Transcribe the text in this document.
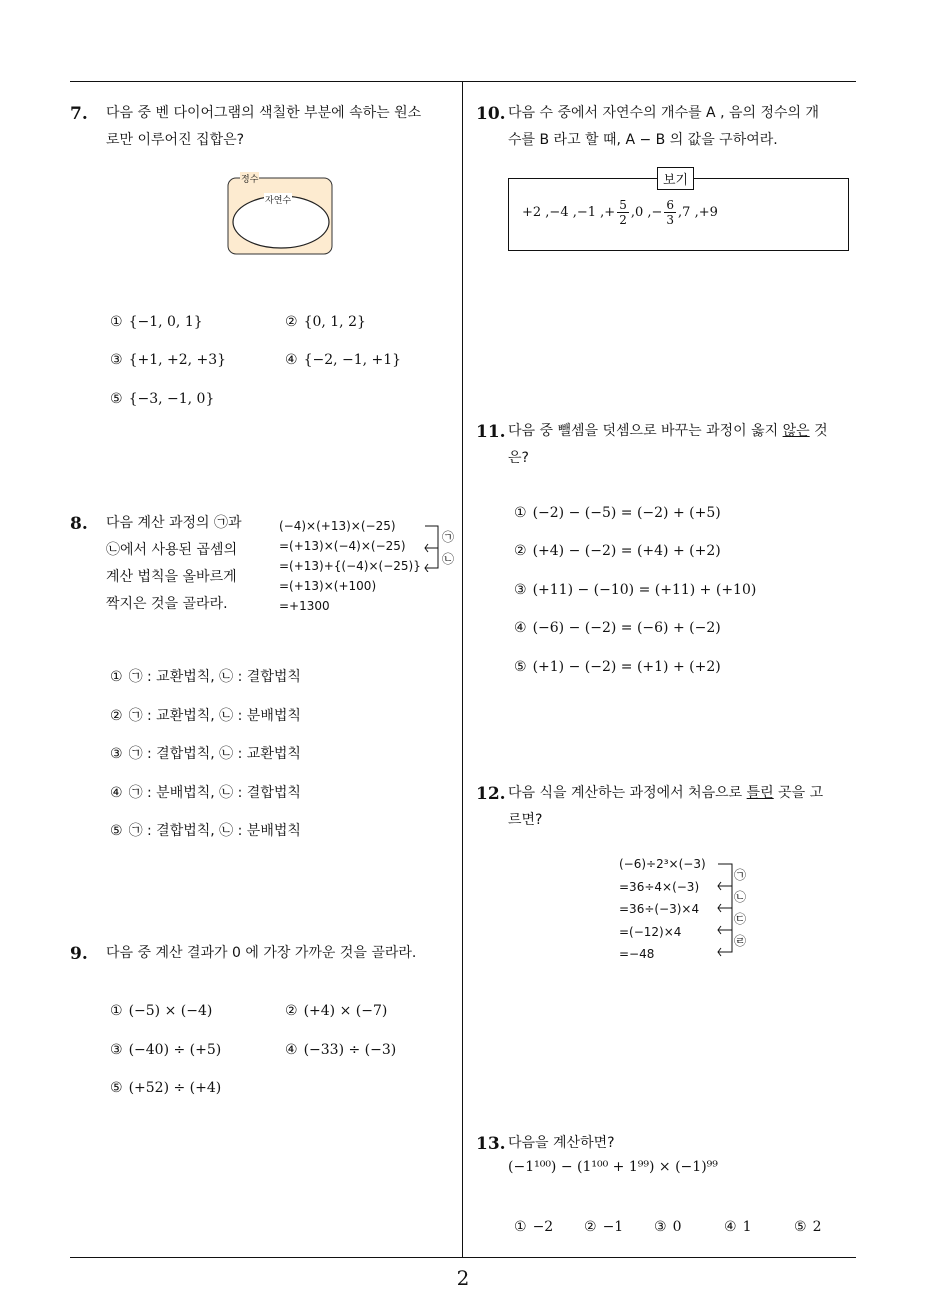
7. 다음 중 벤 다이어그램의 색칠한 부분에 속하는 원소
로만 이루어진 집합은?
정수
자연수
① {−1, 0, 1}	② {0, 1, 2}
③ {+1, +2, +3}	④ {−2, −1, +1}
⑤ {−3, −1, 0}
8. 다음 계산 과정의 ㉠과
㉡에서 사용된 곱셈의
계산 법칙을 올바르게
짝지은 것을 골라라.
(−4)×(+13)×(−25)
=(+13)×(−4)×(−25)
=(+13)+{(−4)×(−25)}
=(+13)×(+100)
=+1300
㉠
㉡
① ㉠ : 교환법칙, ㉡ : 결합법칙
② ㉠ : 교환법칙, ㉡ : 분배법칙
③ ㉠ : 결합법칙, ㉡ : 교환법칙
④ ㉠ : 분배법칙, ㉡ : 결합법칙
⑤ ㉠ : 결합법칙, ㉡ : 분배법칙
9. 다음 중 계산 결과가 0 에 가장 가까운 것을 골라라.
① (−5) × (−4)	② (+4) × (−7)
③ (−40) ÷ (+5)	④ (−33) ÷ (−3)
⑤ (+52) ÷ (+4)
10. 다음 수 중에서 자연수의 개수를 A , 음의 정수의 개
수를 B 라고 할 때, A − B 의 값을 구하여라.
보기
+2 ,−4 ,−1 ,+ $\frac{5}{2} ,0$ ,− $\frac{6}{3} ,7$ ,+9
11. 다음 중 뺄셈을 덧셈으로 바꾸는 과정이 옳지 않은 것
은?
① (−2) − (−5) = (−2) + (+5)
② (+4) − (−2) = (+4) + (+2)
③ (+11) − (−10) = (+11) + (+10)
④ (−6) − (−2) = (−6) + (−2)
⑤ (+1) − (−2) = (+1) + (+2)
12. 다음 식을 계산하는 과정에서 처음으로 틀린 곳을 고
르면?
(−6)÷2³×(−3)
=36÷4×(−3)
=36÷(−3)×4
=(−12)×4
=−48
㉠
㉡
㉢
㉣
13. 다음을 계산하면?
(−1¹⁰⁰) − (1¹⁰⁰ + 1⁹⁹) × (−1)⁹⁹
① −2 ② −1 ③ 0	④ 1	⑤ 2
2
